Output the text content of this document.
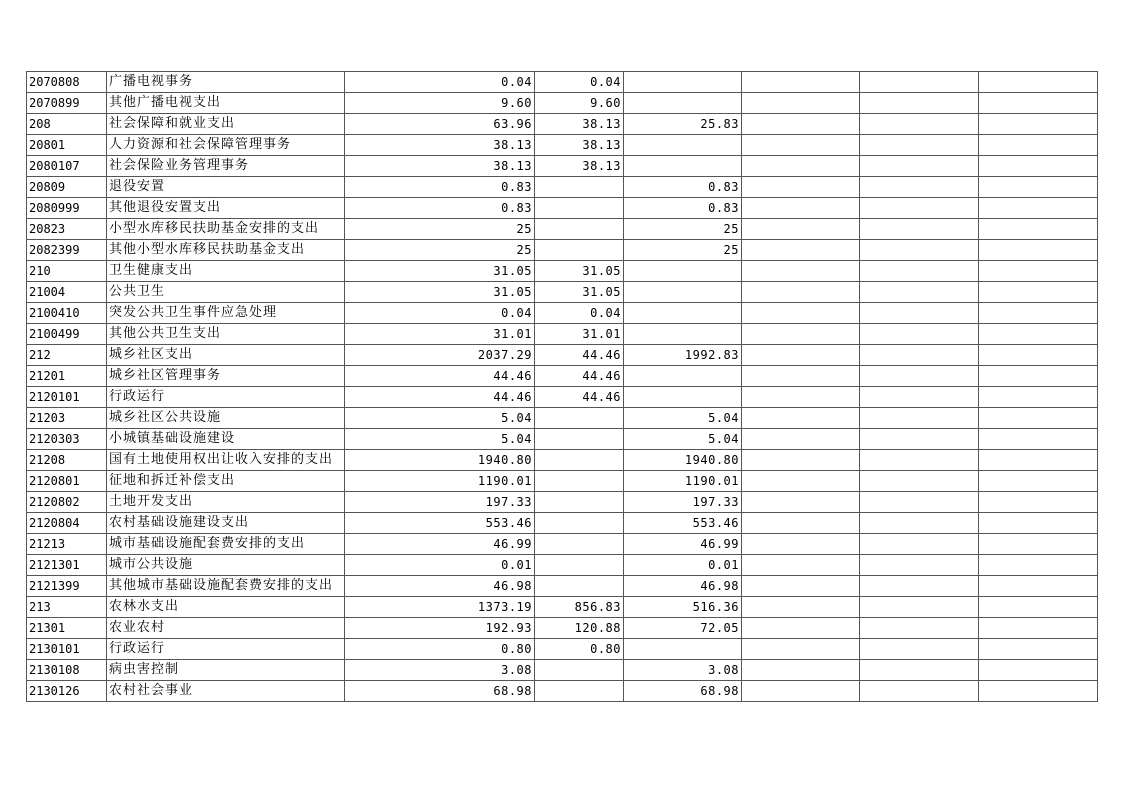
2070808	广播电视事务	0.04	0.04				
2070899	其他广播电视支出	9.60	9.60				
208	社会保障和就业支出	63.96	38.13	25.83			
20801	人力资源和社会保障管理事务	38.13	38.13				
2080107	社会保险业务管理事务	38.13	38.13				
20809	退役安置	0.83		0.83			
2080999	其他退役安置支出	0.83		0.83			
20823	小型水库移民扶助基金安排的支出	25		25			
2082399	其他小型水库移民扶助基金支出	25		25			
210	卫生健康支出	31.05	31.05				
21004	公共卫生	31.05	31.05				
2100410	突发公共卫生事件应急处理	0.04	0.04				
2100499	其他公共卫生支出	31.01	31.01				
212	城乡社区支出	2037.29	44.46	1992.83			
21201	城乡社区管理事务	44.46	44.46				
2120101	行政运行	44.46	44.46				
21203	城乡社区公共设施	5.04		5.04			
2120303	小城镇基础设施建设	5.04		5.04			
21208	国有土地使用权出让收入安排的支出	1940.80		1940.80			
2120801	征地和拆迁补偿支出	1190.01		1190.01			
2120802	土地开发支出	197.33		197.33			
2120804	农村基础设施建设支出	553.46		553.46			
21213	城市基础设施配套费安排的支出	46.99		46.99			
2121301	城市公共设施	0.01		0.01			
2121399	其他城市基础设施配套费安排的支出	46.98		46.98			
213	农林水支出	1373.19	856.83	516.36			
21301	农业农村	192.93	120.88	72.05			
2130101	行政运行	0.80	0.80				
2130108	病虫害控制	3.08		3.08			
2130126	农村社会事业	68.98		68.98			
